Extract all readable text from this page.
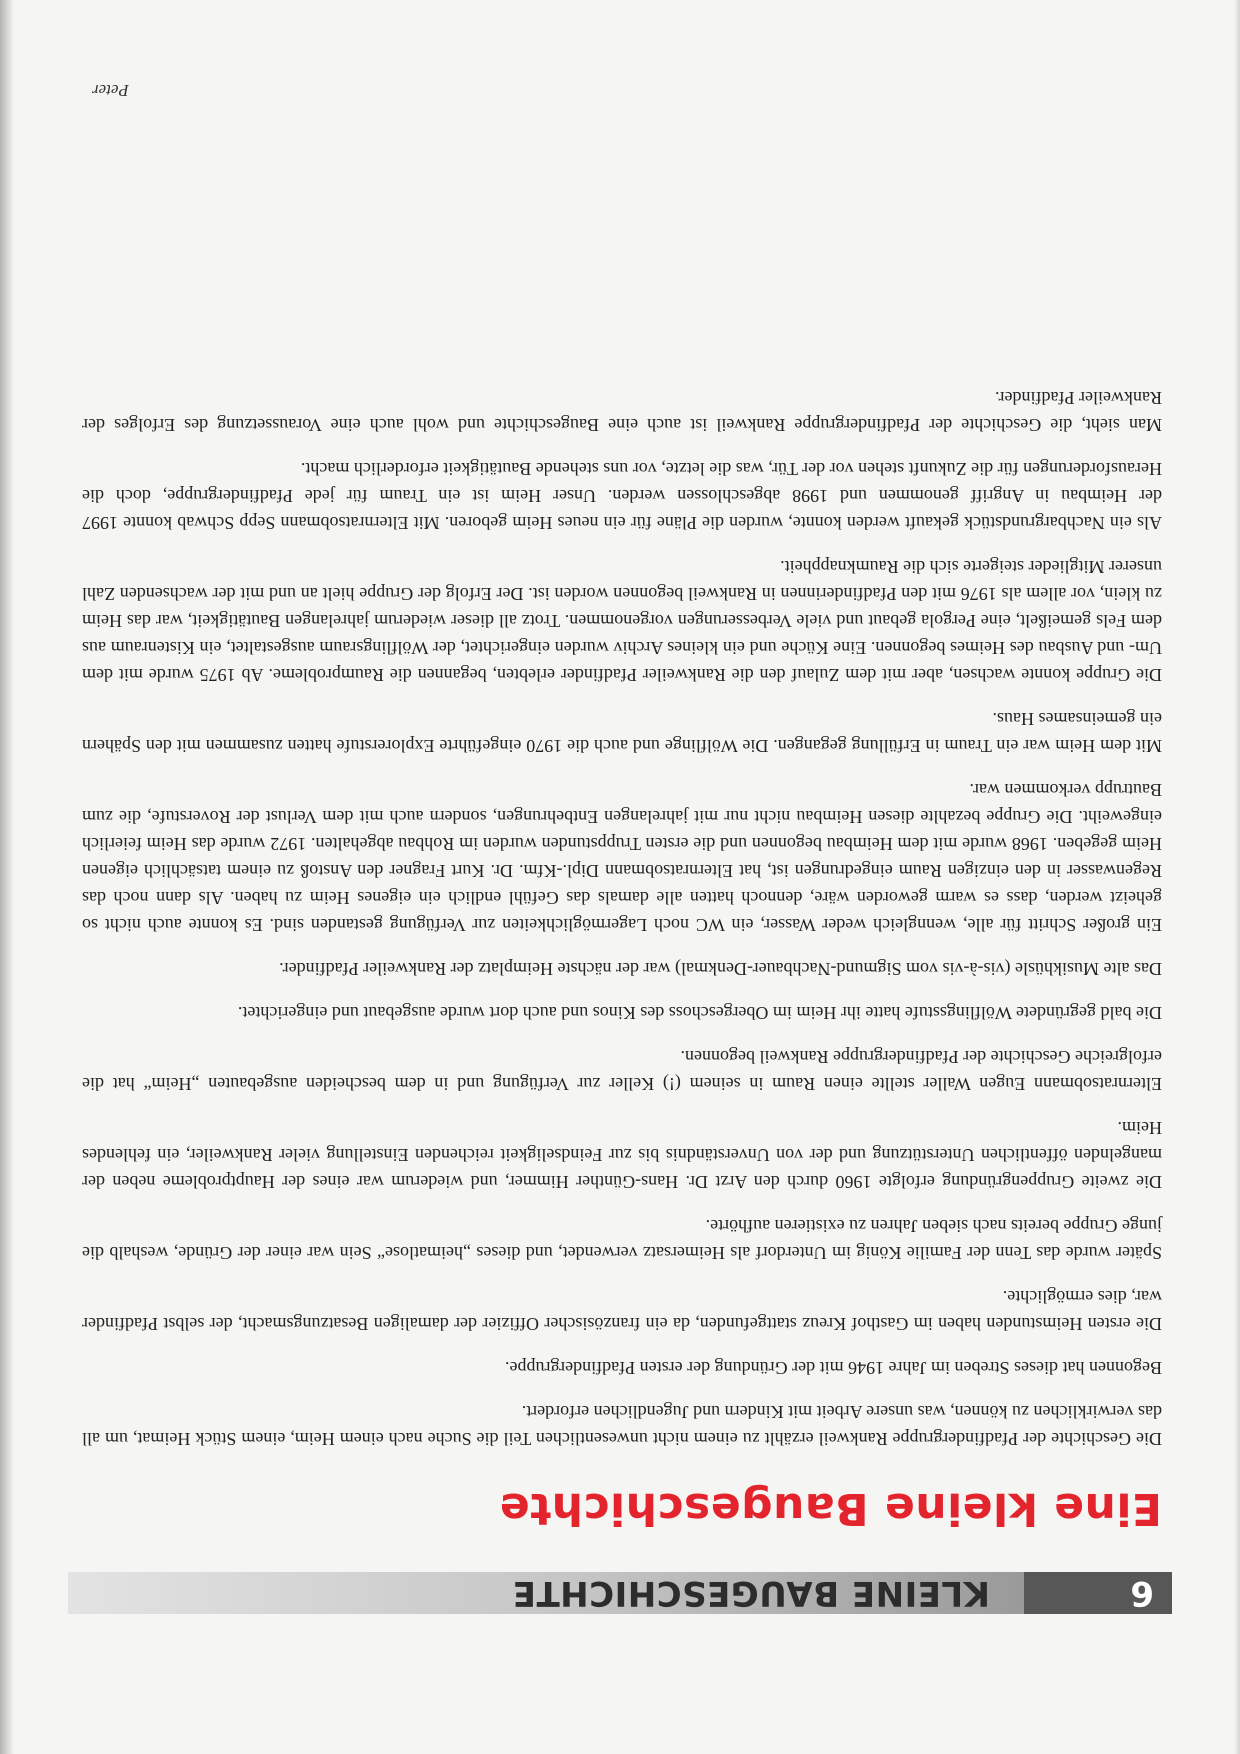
6
KLEINE BAUGESCHICHTE
Eine kleine Baugeschichte

Die Geschichte der Pfadfindergruppe Rankweil erzählt zu einem nicht unwesentlichen Teil die Suche nach einem Heim, einem Stück Heimat, um all das verwirklichen zu können, was unsere Arbeit mit Kindern und Jugendlichen erfordert.

Begonnen hat dieses Streben im Jahre 1946 mit der Gründung der ersten Pfadfindergruppe.

Die ersten Heimstunden haben im Gasthof Kreuz stattgefunden, da ein französischer Offizier der damaligen Besatzungsmacht, der selbst Pfadfinder war, dies ermöglichte.

Später wurde das Tenn der Familie König im Unterdorf als Heimersatz verwendet, und dieses „heimatlose“ Sein war einer der Gründe, weshalb die junge Gruppe bereits nach sieben Jahren zu existieren aufhörte.

Die zweite Gruppengründung erfolgte 1960 durch den Arzt Dr. Hans-Günther Himmer, und wiederum war eines der Hauptprobleme neben der mangelnden öffentlichen Unterstützung und der von Unverständnis bis zur Feindseligkeit reichenden Einstellung vieler Rankweiler, ein fehlendes Heim.

Elternratsobmann Eugen Waller stellte einen Raum in seinem (!) Keller zur Verfügung und in dem bescheiden ausgebauten „Heim“ hat die erfolgreiche Geschichte der Pfadfindergruppe Rankweil begonnen.

Die bald gegründete Wölflingsstufe hatte ihr Heim im Obergeschoss des Kinos und auch dort wurde ausgebaut und eingerichtet.

Das alte Musikhüsle (vis-à-vis vom Sigmund-Nachbauer-Denkmal) war der nächste Heimplatz der Rankweiler Pfadfinder.

Ein großer Schritt für alle, wenngleich weder Wasser, ein WC noch Lagermöglichkeiten zur Verfügung gestanden sind. Es konnte auch nicht so geheizt werden, dass es warm geworden wäre, dennoch hatten alle damals das Gefühl endlich ein eigenes Heim zu haben. Als dann noch das Regenwasser in den einzigen Raum eingedrungen ist, hat Elternratsobmann Dipl.-Kfm. Dr. Kurt Fragner den Anstoß zu einem tatsächlich eigenen Heim gegeben. 1968 wurde mit dem Heimbau begonnen und die ersten Truppstunden wurden im Rohbau abgehalten. 1972 wurde das Heim feierlich eingeweiht. Die Gruppe bezahlte diesen Heimbau nicht nur mit jahrelangen Entbehrungen, sondern auch mit dem Verlust der Roverstufe, die zum Bautrupp verkommen war.

Mit dem Heim war ein Traum in Erfüllung gegangen. Die Wölflinge und auch die 1970 eingeführte Explorerstufe hatten zusammen mit den Spähern ein gemeinsames Haus.

Die Gruppe konnte wachsen, aber mit dem Zulauf den die Rankweiler Pfadfinder erlebten, begannen die Raumprobleme. Ab 1975 wurde mit dem Um- und Ausbau des Heimes begonnen. Eine Küche und ein kleines Archiv wurden eingerichtet, der Wölflingsraum ausgestaltet, ein Kistenraum aus dem Fels gemeißelt, eine Pergola gebaut und viele Verbesserungen vorgenommen. Trotz all dieser wiederum jahrelangen Bautätigkeit, war das Heim zu klein, vor allem als 1976 mit den Pfadfinderinnen in Rankweil begonnen worden ist. Der Erfolg der Gruppe hielt an und mit der wachsenden Zahl unserer Mitglieder steigerte sich die Raumknappheit.

Als ein Nachbargrundstück gekauft werden konnte, wurden die Pläne für ein neues Heim geboren. Mit Elternratsobmann Sepp Schwab konnte 1997 der Heimbau in Angriff genommen und 1998 abgeschlossen werden. Unser Heim ist ein Traum für jede Pfadfindergruppe, doch die Herausforderungen für die Zukunft stehen vor der Tür, was die letzte, vor uns stehende Bautätigkeit erforderlich macht.

Man sieht, die Geschichte der Pfadfindergruppe Rankweil ist auch eine Baugeschichte und wohl auch eine Voraussetzung des Erfolges der Rankweiler Pfadfinder.

Peter
